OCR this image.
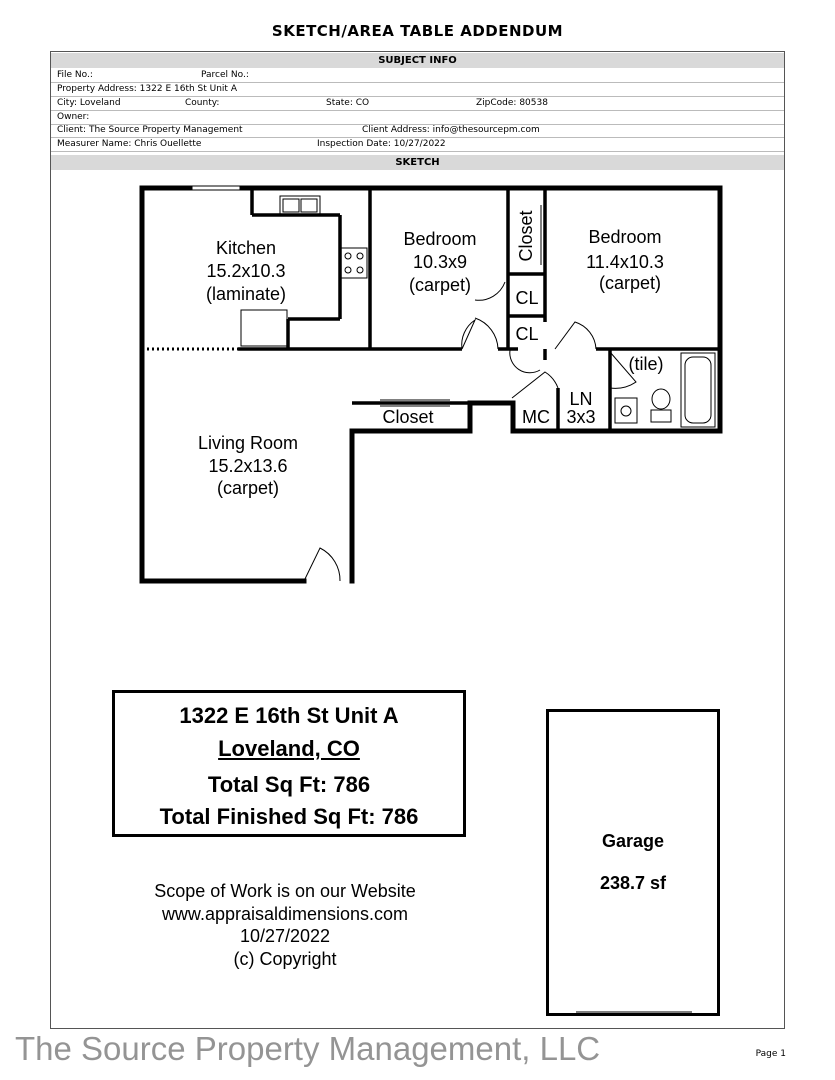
SKETCH/AREA TABLE ADDENDUM
SUBJECT INFO
File No.:	Parcel No.:
Property Address: 1322 E 16th St Unit A
City: Loveland	County:	State: CO	ZipCode: 80538
Owner:
Client: The Source Property Management	Client Address: info@thesourcepm.com
Measurer Name: Chris Ouellette	Inspection Date: 10/27/2022
SKETCH
Kitchen
15.2x10.3
(laminate)
Bedroom
10.3x9
(carpet)
Bedroom
11.4x10.3
(carpet)
Closet
CL
CL
(tile)
LN
3x3
MC
Closet
Living Room
15.2x13.6
(carpet)
1322 E 16th St Unit A
Loveland, CO
Total Sq Ft: 786
Total Finished Sq Ft: 786
Garage
238.7 sf
Scope of Work is on our Website
www.appraisaldimensions.com
10/27/2022
(c) Copyright
The Source Property Management, LLC	Page 1
